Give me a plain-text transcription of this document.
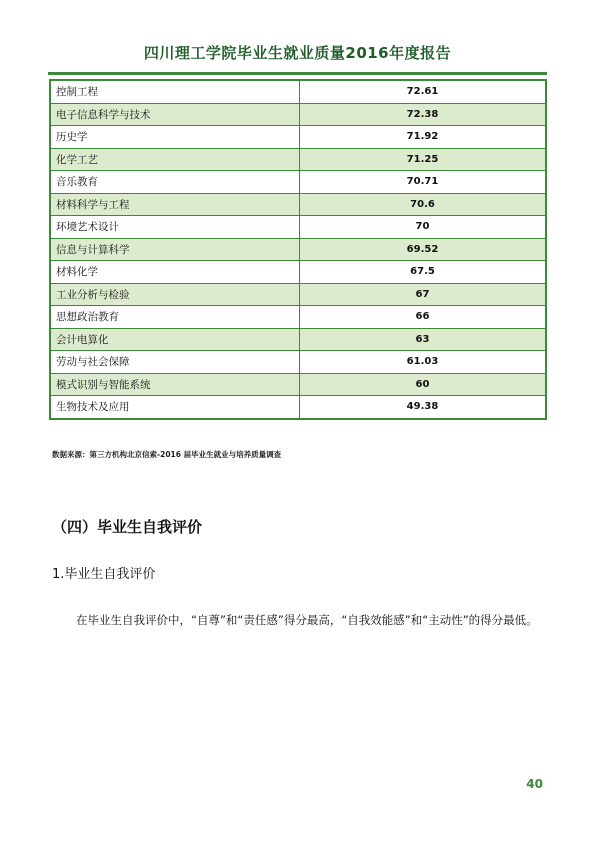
四川理工学院毕业生就业质量2016年度报告
控制工程	72.61
电子信息科学与技术	72.38
历史学	71.92
化学工艺	71.25
音乐教育	70.71
材料科学与工程	70.6
环境艺术设计	70
信息与计算科学	69.52
材料化学	67.5
工业分析与检验	67
思想政治教育	66
会计电算化	63
劳动与社会保障	61.03
模式识别与智能系统	60
生物技术及应用	49.38
数据来源：第三方机构北京信索-2016 届毕业生就业与培养质量调查
（四）毕业生自我评价
1.毕业生自我评价
在毕业生自我评价中，“自尊”和“责任感”得分最高，“自我效能感”和“主动性”的得分最低。
40
